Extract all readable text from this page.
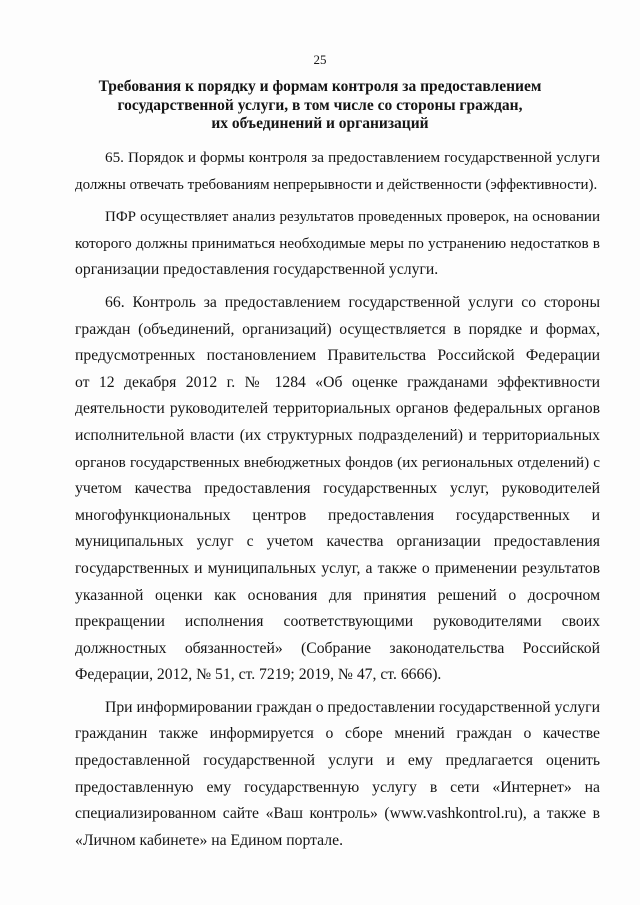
25
Требования к порядку и формам контроля за предоставлением
государственной услуги, в том числе со стороны граждан,
их объединений и организаций
65. Порядок и формы контроля за предоставлением государственной услуги
должны отвечать требованиям непрерывности и действенности (эффективности).
ПФР осуществляет анализ результатов проведенных проверок, на основании
которого должны приниматься необходимые меры по устранению недостатков в
организации предоставления государственной услуги.
66. Контроль за предоставлением государственной услуги со стороны
граждан (объединений, организаций) осуществляется в порядке и формах,
предусмотренных постановлением Правительства Российской Федерации
от 12 декабря 2012 г. № 1284 «Об оценке гражданами эффективности
деятельности руководителей территориальных органов федеральных органов
исполнительной власти (их структурных подразделений) и территориальных
органов государственных внебюджетных фондов (их региональных отделений) с
учетом качества предоставления государственных услуг, руководителей
многофункциональных центров предоставления государственных и
муниципальных услуг с учетом качества организации предоставления
государственных и муниципальных услуг, а также о применении результатов
указанной оценки как основания для принятия решений о досрочном
прекращении исполнения соответствующими руководителями своих
должностных обязанностей» (Собрание законодательства Российской
Федерации, 2012, № 51, ст. 7219; 2019, № 47, ст. 6666).
При информировании граждан о предоставлении государственной услуги
гражданин также информируется о сборе мнений граждан о качестве
предоставленной государственной услуги и ему предлагается оценить
предоставленную ему государственную услугу в сети «Интернет» на
специализированном сайте «Ваш контроль» (www.vashkontrol.ru), а также в
«Личном кабинете» на Едином портале.
